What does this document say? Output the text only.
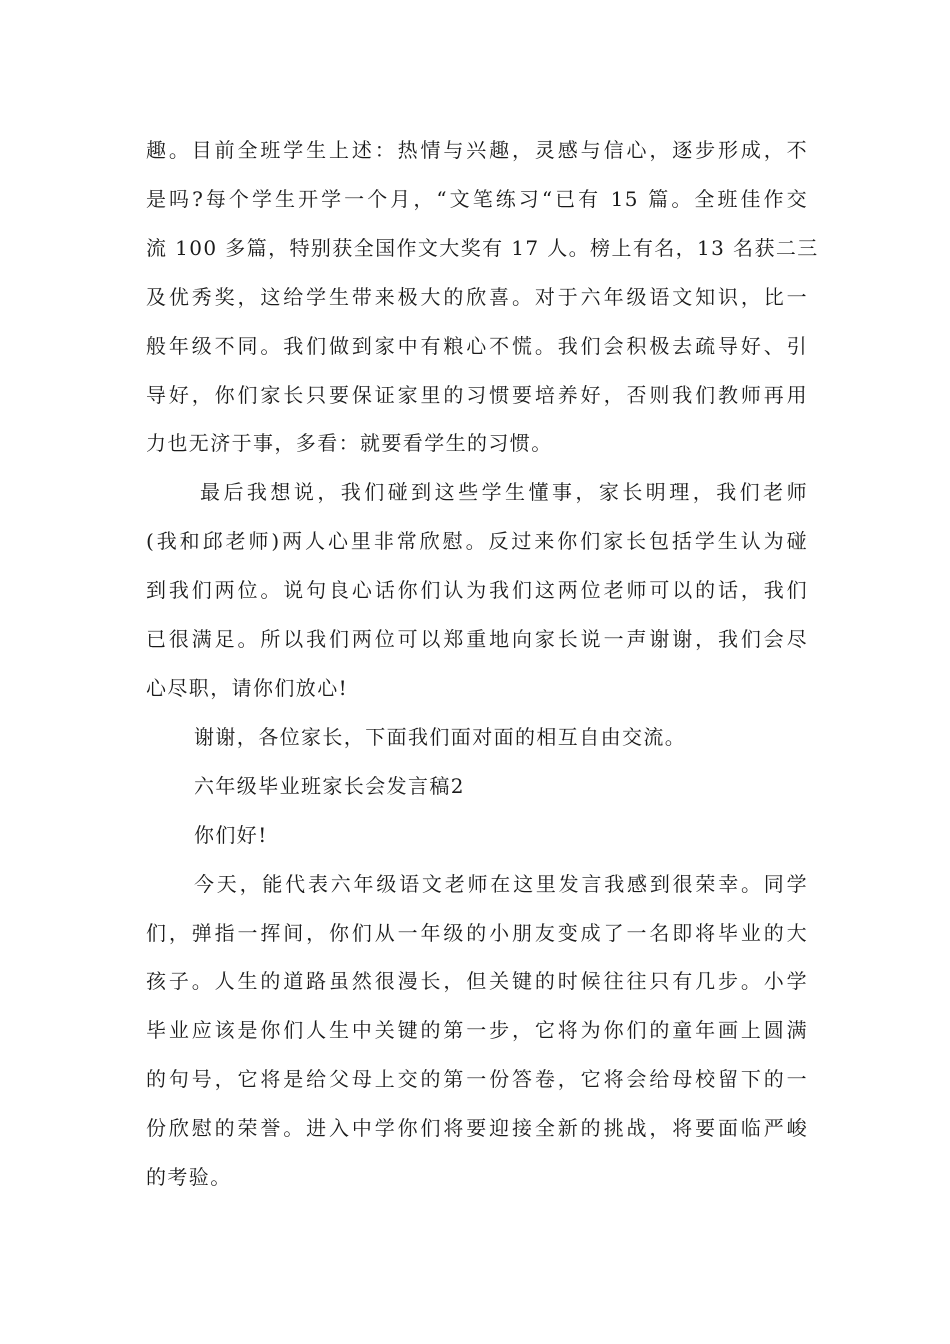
趣。目前全班学生上述：热情与兴趣，灵感与信心，逐步形成，不
是吗?每个学生开学一个月，“文笔练习“已有 15 篇。全班佳作交
流 100 多篇，特别获全国作文大奖有 17 人。榜上有名，13 名获二三
及优秀奖，这给学生带来极大的欣喜。对于六年级语文知识，比一
般年级不同。我们做到家中有粮心不慌。我们会积极去疏导好、引
导好，你们家长只要保证家里的习惯要培养好，否则我们教师再用
力也无济于事，多看：就要看学生的习惯。

最后我想说，我们碰到这些学生懂事，家长明理，我们老师
(我和邱老师)两人心里非常欣慰。反过来你们家长包括学生认为碰
到我们两位。说句良心话你们认为我们这两位老师可以的话，我们
已很满足。所以我们两位可以郑重地向家长说一声谢谢，我们会尽
心尽职，请你们放心!

谢谢，各位家长，下面我们面对面的相互自由交流。

六年级毕业班家长会发言稿2

你们好!

今天，能代表六年级语文老师在这里发言我感到很荣幸。同学
们，弹指一挥间，你们从一年级的小朋友变成了一名即将毕业的大
孩子。人生的道路虽然很漫长，但关键的时候往往只有几步。小学
毕业应该是你们人生中关键的第一步，它将为你们的童年画上圆满
的句号，它将是给父母上交的第一份答卷，它将会给母校留下的一
份欣慰的荣誉。进入中学你们将要迎接全新的挑战，将要面临严峻
的考验。
